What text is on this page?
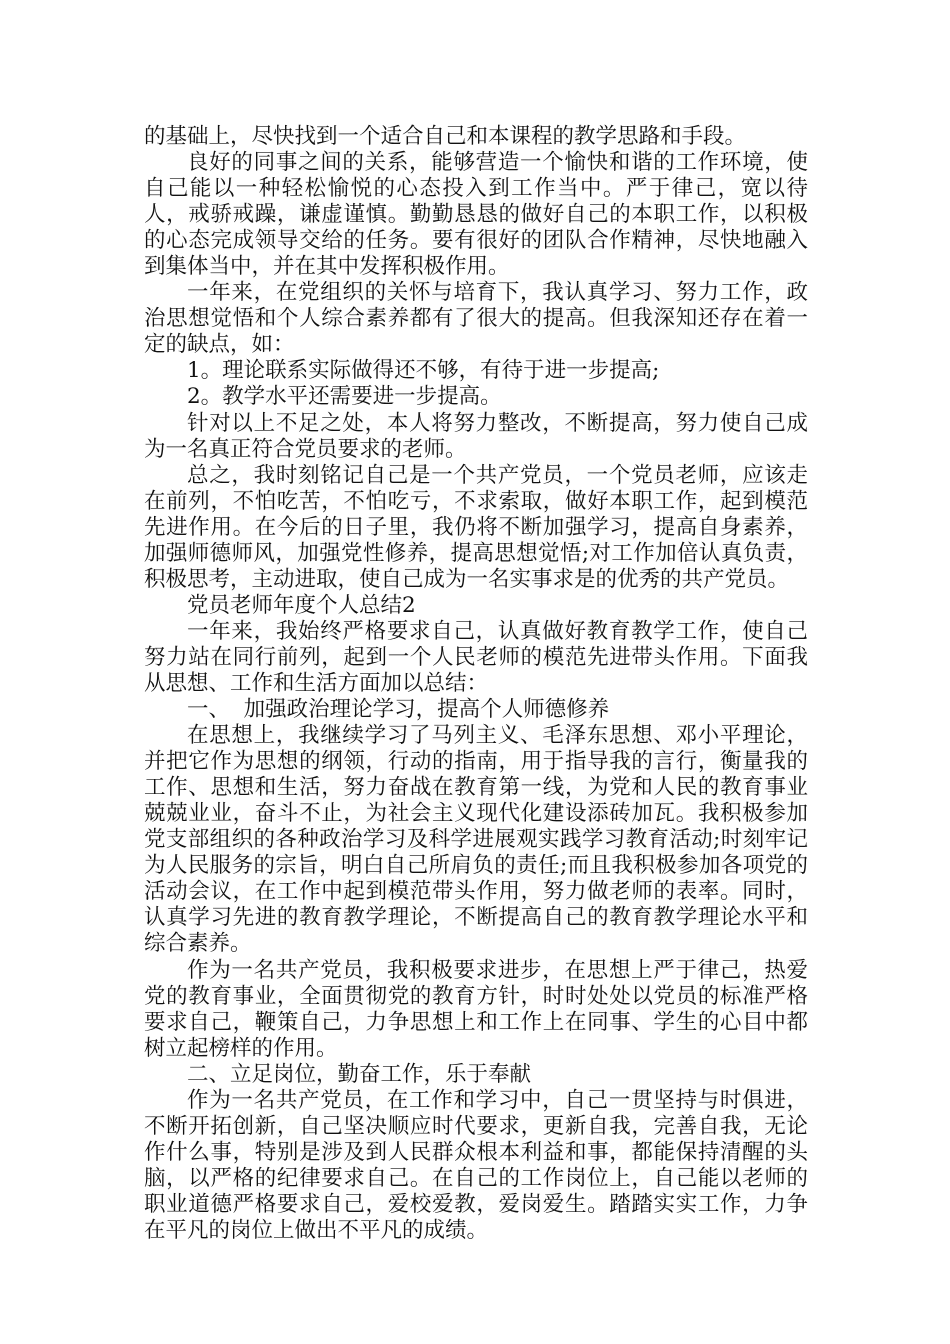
的基础上，尽快找到一个适合自己和本课程的教学思路和手段。

良好的同事之间的关系，能够营造一个愉快和谐的工作环境，使自己能以一种轻松愉悦的心态投入到工作当中。严于律己，宽以待人，戒骄戒躁，谦虚谨慎。勤勤恳恳的做好自己的本职工作，以积极的心态完成领导交给的任务。要有很好的团队合作精神，尽快地融入到集体当中，并在其中发挥积极作用。

一年来，在党组织的关怀与培育下，我认真学习、努力工作，政治思想觉悟和个人综合素养都有了很大的提高。但我深知还存在着一定的缺点，如：

1。理论联系实际做得还不够，有待于进一步提高;

2。教学水平还需要进一步提高。

针对以上不足之处，本人将努力整改，不断提高，努力使自己成为一名真正符合党员要求的老师。

总之，我时刻铭记自己是一个共产党员，一个党员老师，应该走在前列，不怕吃苦，不怕吃亏，不求索取，做好本职工作，起到模范先进作用。在今后的日子里，我仍将不断加强学习，提高自身素养，加强师德师风，加强党性修养，提高思想觉悟;对工作加倍认真负责，积极思考，主动进取，使自己成为一名实事求是的优秀的共产党员。

党员老师年度个人总结2

一年来，我始终严格要求自己，认真做好教育教学工作，使自己努力站在同行前列，起到一个人民老师的模范先进带头作用。下面我从思想、工作和生活方面加以总结：

一、  加强政治理论学习，提高个人师德修养

在思想上，我继续学习了马列主义、毛泽东思想、邓小平理论，并把它作为思想的纲领，行动的指南，用于指导我的言行，衡量我的工作、思想和生活，努力奋战在教育第一线，为党和人民的教育事业兢兢业业，奋斗不止，为社会主义现代化建设添砖加瓦。我积极参加党支部组织的各种政治学习及科学进展观实践学习教育活动;时刻牢记为人民服务的宗旨，明白自己所肩负的责任;而且我积极参加各项党的活动会议，在工作中起到模范带头作用，努力做老师的表率。同时，认真学习先进的教育教学理论，不断提高自己的教育教学理论水平和综合素养。

作为一名共产党员，我积极要求进步，在思想上严于律己，热爱党的教育事业，全面贯彻党的教育方针，时时处处以党员的标准严格要求自己，鞭策自己，力争思想上和工作上在同事、学生的心目中都树立起榜样的作用。

二、立足岗位，勤奋工作，乐于奉献

作为一名共产党员，在工作和学习中，自己一贯坚持与时俱进，不断开拓创新，自己坚决顺应时代要求，更新自我，完善自我，无论作什么事，特别是涉及到人民群众根本利益和事，都能保持清醒的头脑，以严格的纪律要求自己。在自己的工作岗位上，自己能以老师的职业道德严格要求自己，爱校爱教，爱岗爱生。踏踏实实工作，力争在平凡的岗位上做出不平凡的成绩。
